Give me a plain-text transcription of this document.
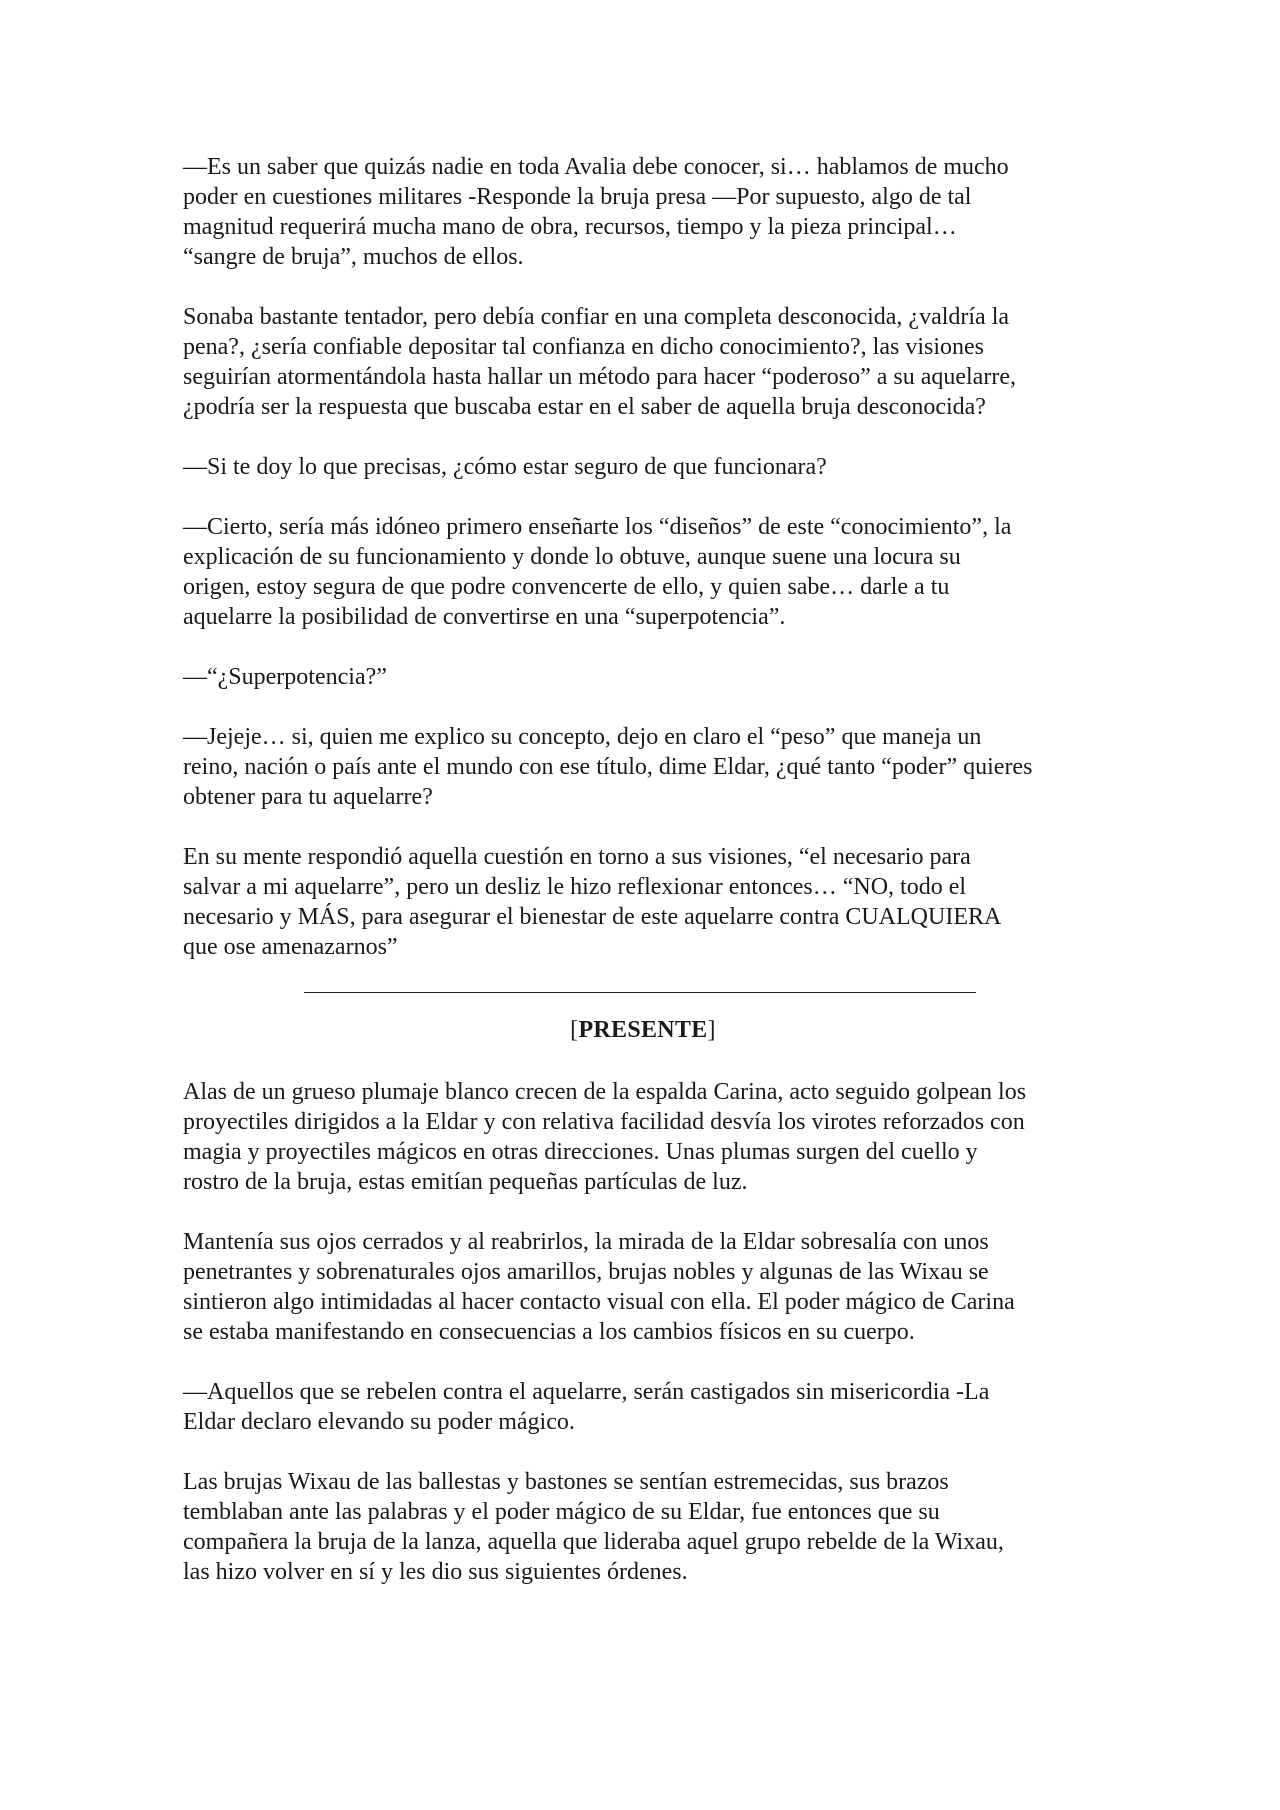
—Es un saber que quizás nadie en toda Avalia debe conocer, si… hablamos de mucho
poder en cuestiones militares -Responde la bruja presa —Por supuesto, algo de tal
magnitud requerirá mucha mano de obra, recursos, tiempo y la pieza principal…
“sangre de bruja”, muchos de ellos.

Sonaba bastante tentador, pero debía confiar en una completa desconocida, ¿valdría la
pena?, ¿sería confiable depositar tal confianza en dicho conocimiento?, las visiones
seguirían atormentándola hasta hallar un método para hacer “poderoso” a su aquelarre,
¿podría ser la respuesta que buscaba estar en el saber de aquella bruja desconocida?

—Si te doy lo que precisas, ¿cómo estar seguro de que funcionara?

—Cierto, sería más idóneo primero enseñarte los “diseños” de este “conocimiento”, la
explicación de su funcionamiento y donde lo obtuve, aunque suene una locura su
origen, estoy segura de que podre convencerte de ello, y quien sabe… darle a tu
aquelarre la posibilidad de convertirse en una “superpotencia”.

—“¿Superpotencia?”

—Jejeje… si, quien me explico su concepto, dejo en claro el “peso” que maneja un
reino, nación o país ante el mundo con ese título, dime Eldar, ¿qué tanto “poder” quieres
obtener para tu aquelarre?

En su mente respondió aquella cuestión en torno a sus visiones, “el necesario para
salvar a mi aquelarre”, pero un desliz le hizo reflexionar entonces… “NO, todo el
necesario y MÁS, para asegurar el bienestar de este aquelarre contra CUALQUIERA
que ose amenazarnos”

[PRESENTE]

Alas de un grueso plumaje blanco crecen de la espalda Carina, acto seguido golpean los
proyectiles dirigidos a la Eldar y con relativa facilidad desvía los virotes reforzados con
magia y proyectiles mágicos en otras direcciones. Unas plumas surgen del cuello y
rostro de la bruja, estas emitían pequeñas partículas de luz.

Mantenía sus ojos cerrados y al reabrirlos, la mirada de la Eldar sobresalía con unos
penetrantes y sobrenaturales ojos amarillos, brujas nobles y algunas de las Wixau se
sintieron algo intimidadas al hacer contacto visual con ella. El poder mágico de Carina
se estaba manifestando en consecuencias a los cambios físicos en su cuerpo.

—Aquellos que se rebelen contra el aquelarre, serán castigados sin misericordia -La
Eldar declaro elevando su poder mágico.

Las brujas Wixau de las ballestas y bastones se sentían estremecidas, sus brazos
temblaban ante las palabras y el poder mágico de su Eldar, fue entonces que su
compañera la bruja de la lanza, aquella que lideraba aquel grupo rebelde de la Wixau,
las hizo volver en sí y les dio sus siguientes órdenes.
